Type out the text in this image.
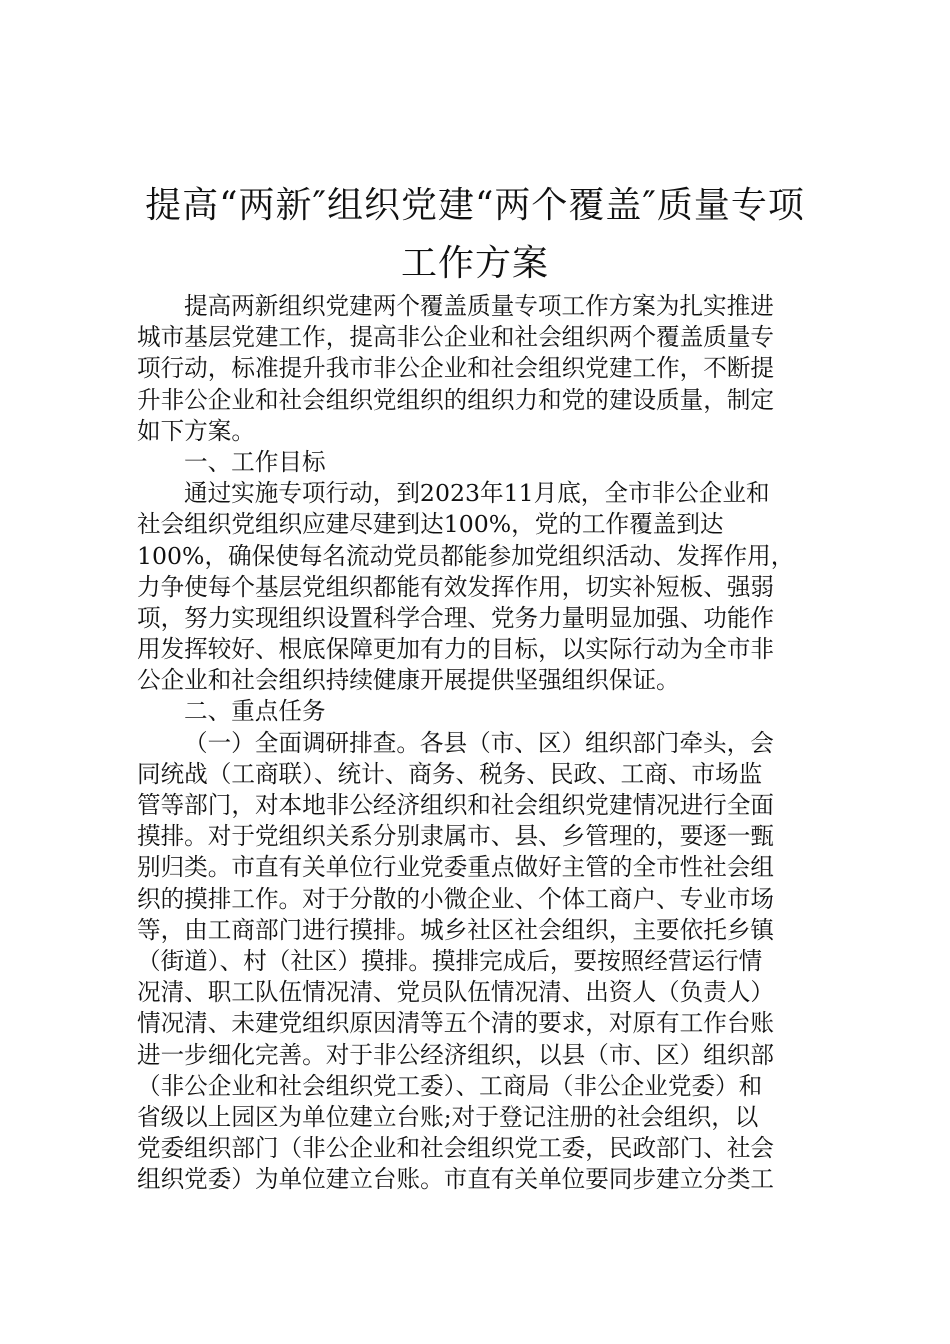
提高“两新″组织党建“两个覆盖″质量专项
工作方案
提高两新组织党建两个覆盖质量专项工作方案为扎实推进
城市基层党建工作，提高非公企业和社会组织两个覆盖质量专
项行动，标准提升我市非公企业和社会组织党建工作，不断提
升非公企业和社会组织党组织的组织力和党的建设质量，制定
如下方案。
一、工作目标
通过实施专项行动，到2023年11月底，全市非公企业和
社会组织党组织应建尽建到达100%，党的工作覆盖到达
100%，确保使每名流动党员都能参加党组织活动、发挥作用，
力争使每个基层党组织都能有效发挥作用，切实补短板、强弱
项，努力实现组织设置科学合理、党务力量明显加强、功能作
用发挥较好、根底保障更加有力的目标，以实际行动为全市非
公企业和社会组织持续健康开展提供坚强组织保证。
二、重点任务
（一）全面调研排查。各县（市、区）组织部门牵头，会
同统战（工商联）、统计、商务、税务、民政、工商、市场监
管等部门，对本地非公经济组织和社会组织党建情况进行全面
摸排。对于党组织关系分别隶属市、县、乡管理的，要逐一甄
别归类。市直有关单位行业党委重点做好主管的全市性社会组
织的摸排工作。对于分散的小微企业、个体工商户、专业市场
等，由工商部门进行摸排。城乡社区社会组织，主要依托乡镇
（街道）、村（社区）摸排。摸排完成后，要按照经营运行情
况清、职工队伍情况清、党员队伍情况清、出资人（负责人）
情况清、未建党组织原因清等五个清的要求，对原有工作台账
进一步细化完善。对于非公经济组织，以县（市、区）组织部
（非公企业和社会组织党工委）、工商局（非公企业党委）和
省级以上园区为单位建立台账;对于登记注册的社会组织，以
党委组织部门（非公企业和社会组织党工委，民政部门、社会
组织党委）为单位建立台账。市直有关单位要同步建立分类工
